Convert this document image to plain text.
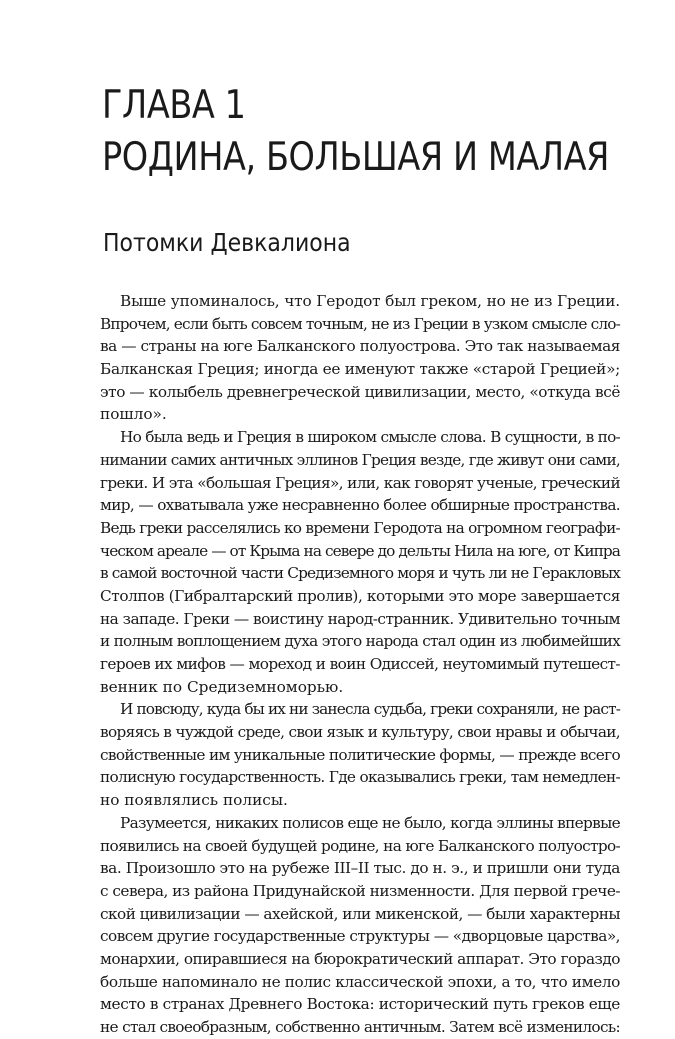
ГЛАВА 1
РОДИНА, БОЛЬШАЯ И МАЛАЯ
Потомки Девкалиона
Выше упоминалось, что Геродот был греком, но не из Греции.
Впрочем, если быть совсем точным, не из Греции в узком смысле сло-
ва — страны на юге Балканского полуострова. Это так называемая
Балканская Греция; иногда ее именуют также «старой Грецией»;
это — колыбель древнегреческой цивилизации, место, «откуда всё
пошло».
Но была ведь и Греция в широком смысле слова. В сущности, в по-
нимании самих античных эллинов Греция везде, где живут они сами,
греки. И эта «большая Греция», или, как говорят ученые, греческий
мир, — охватывала уже несравненно более обширные пространства.
Ведь греки расселялись ко времени Геродота на огромном географи-
ческом ареале — от Крыма на севере до дельты Нила на юге, от Кипра
в самой восточной части Средиземного моря и чуть ли не Геракловых
Столпов (Гибралтарский пролив), которыми это море завершается
на западе. Греки — воистину народ-странник. Удивительно точным
и полным воплощением духа этого народа стал один из любимейших
героев их мифов — мореход и воин Одиссей, неутомимый путешест-
венник по Средиземноморью.
И повсюду, куда бы их ни занесла судьба, греки сохраняли, не раст-
воряясь в чуждой среде, свои язык и культуру, свои нравы и обычаи,
свойственные им уникальные политические формы, — прежде всего
полисную государственность. Где оказывались греки, там немедлен-
но появлялись полисы.
Разумеется, никаких полисов еще не было, когда эллины впервые
появились на своей будущей родине, на юге Балканского полуостро-
ва. Произошло это на рубеже III–II тыс. до н. э., и пришли они туда
с севера, из района Придунайской низменности. Для первой грече-
ской цивилизации — ахейской, или микенской, — были характерны
совсем другие государственные структуры — «дворцовые царства»,
монархии, опиравшиеся на бюрократический аппарат. Это гораздо
больше напоминало не полис классической эпохи, а то, что имело
место в странах Древнего Востока: исторический путь греков еще
не стал своеобразным, собственно античным. Затем всё изменилось:
